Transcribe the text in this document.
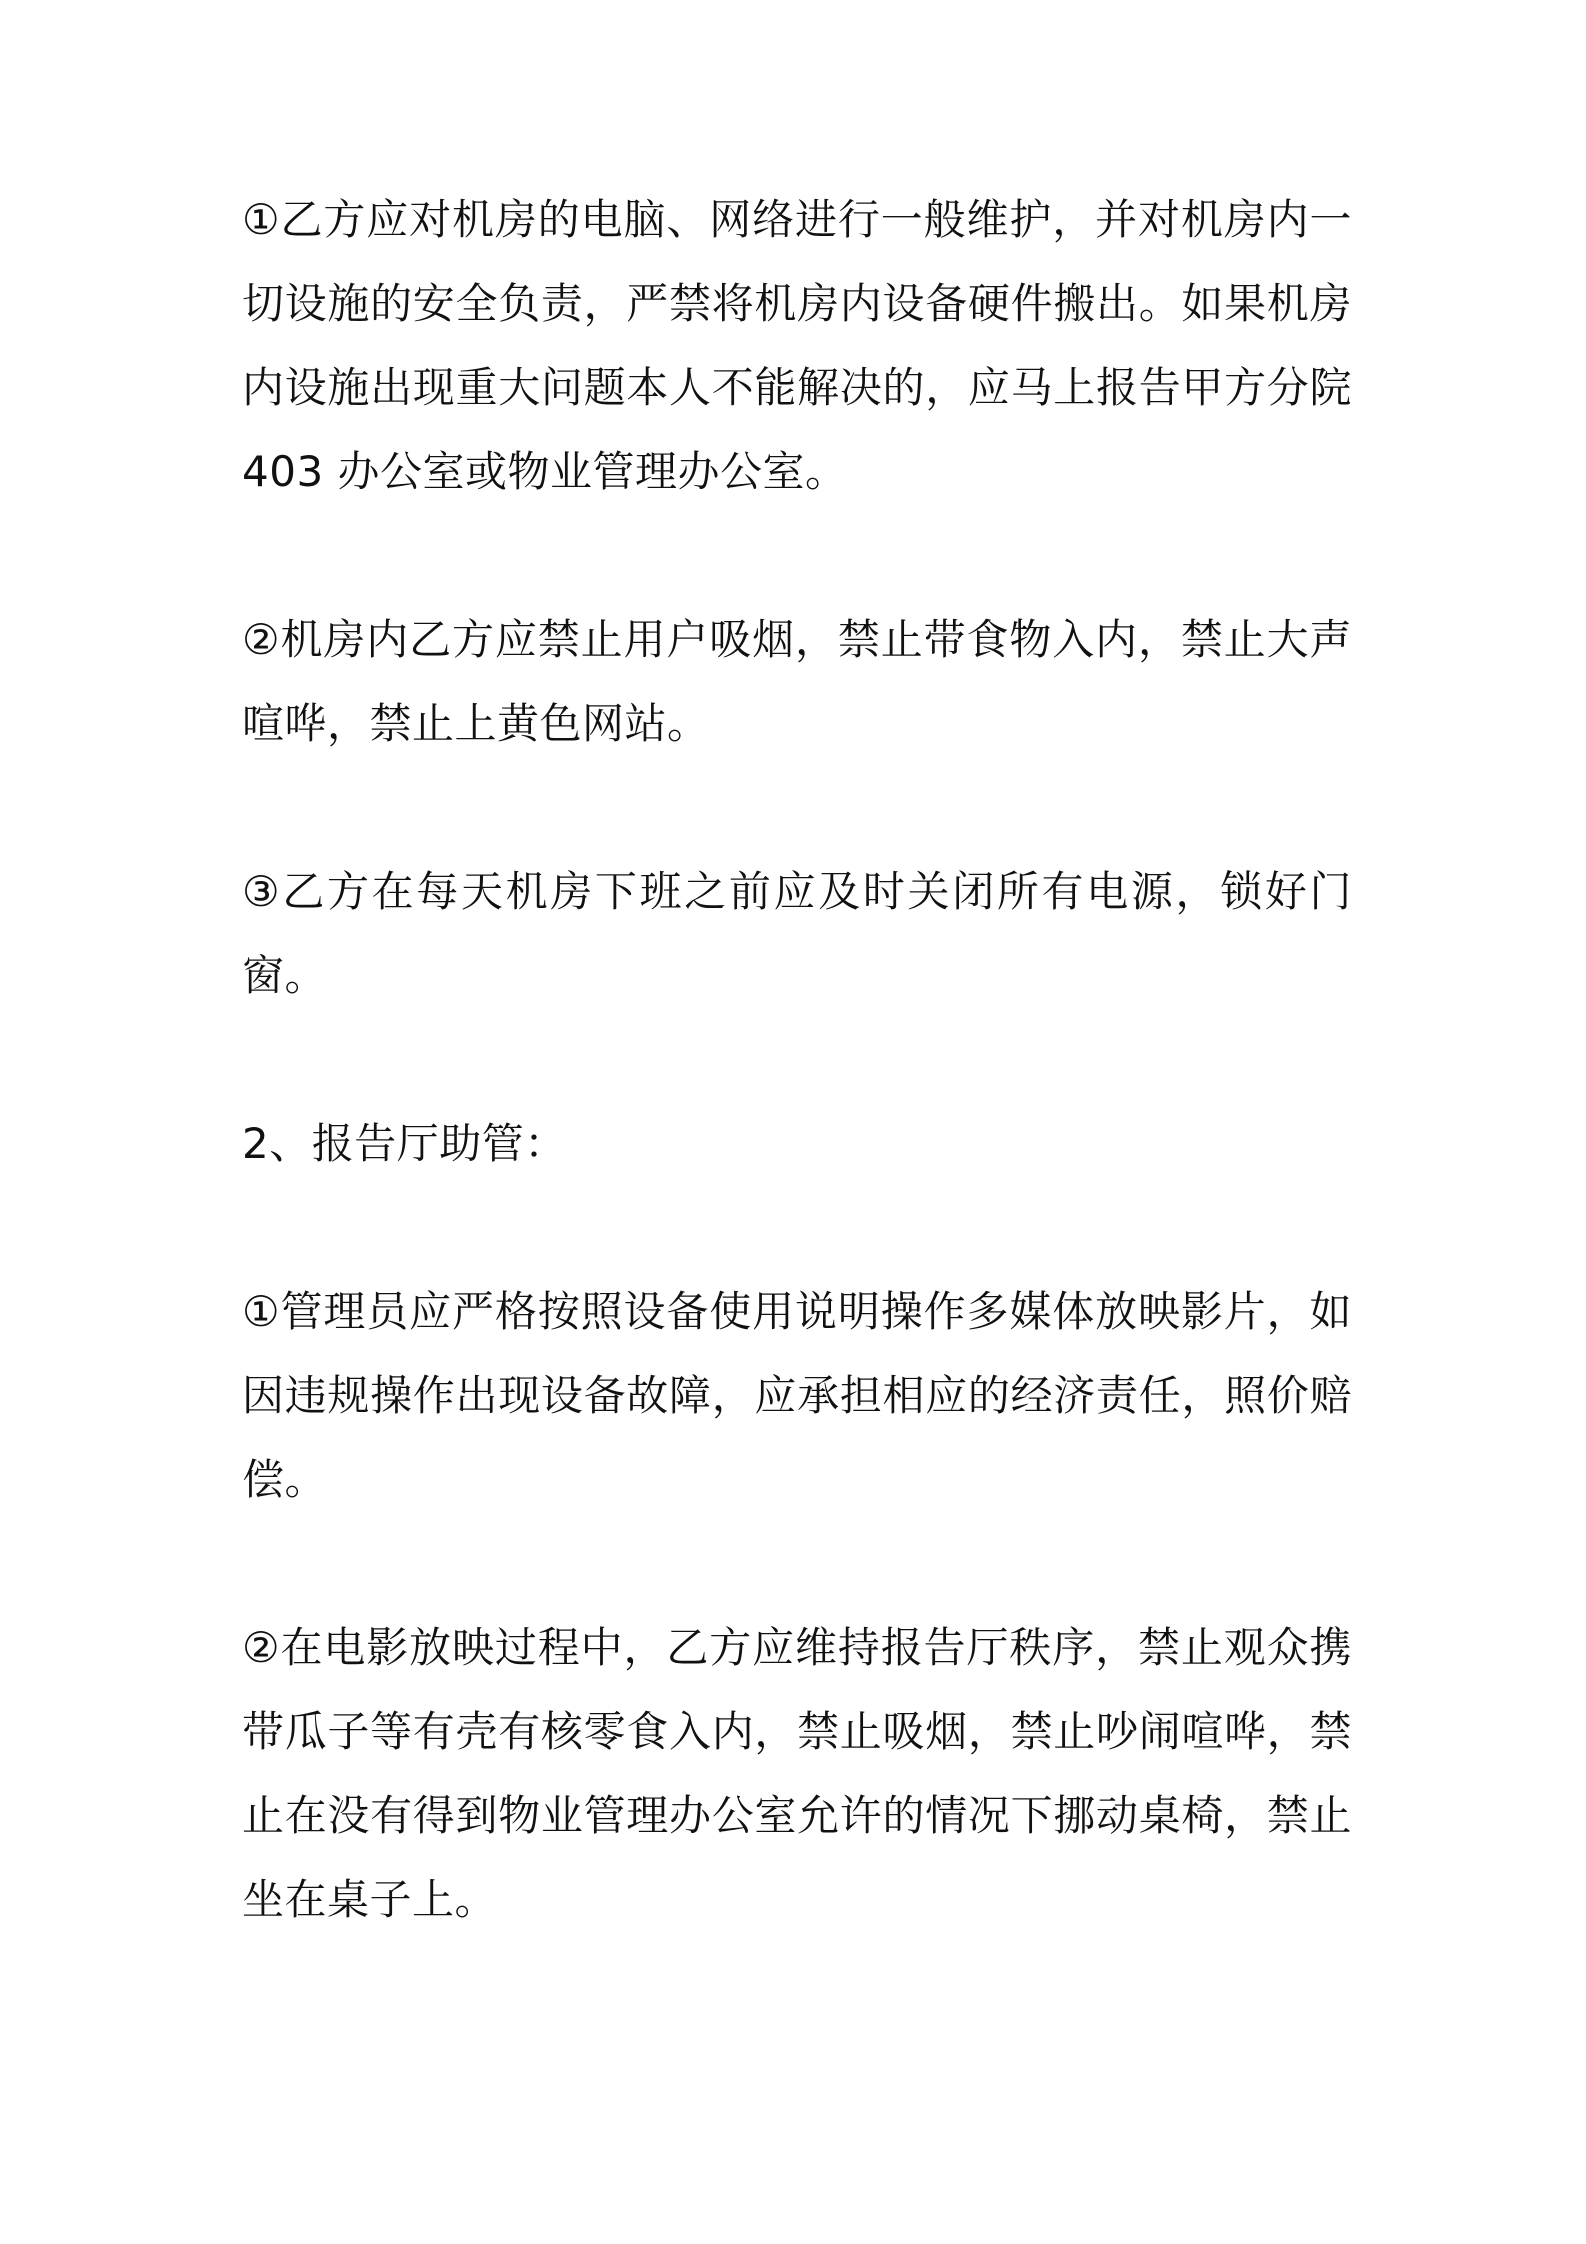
①乙方应对机房的电脑、网络进行一般维护，并对机房内一切设施的安全负责，严禁将机房内设备硬件搬出。如果机房内设施出现重大问题本人不能解决的，应马上报告甲方分院403 办公室或物业管理办公室。

②机房内乙方应禁止用户吸烟，禁止带食物入内，禁止大声喧哗，禁止上黄色网站。

③乙方在每天机房下班之前应及时关闭所有电源，锁好门窗。

2、报告厅助管：

①管理员应严格按照设备使用说明操作多媒体放映影片，如因违规操作出现设备故障，应承担相应的经济责任，照价赔偿。

②在电影放映过程中，乙方应维持报告厅秩序，禁止观众携带瓜子等有壳有核零食入内，禁止吸烟，禁止吵闹喧哗，禁止在没有得到物业管理办公室允许的情况下挪动桌椅，禁止坐在桌子上。
